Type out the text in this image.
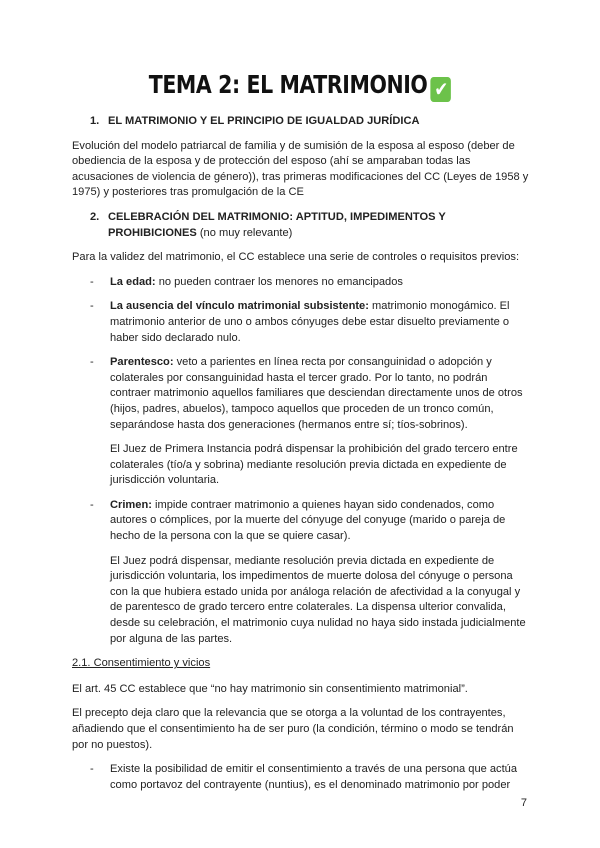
TEMA 2: EL MATRIMONIO ✔
1. EL MATRIMONIO Y EL PRINCIPIO DE IGUALDAD JURÍDICA

Evolución del modelo patriarcal de familia y de sumisión de la esposa al esposo (deber de obediencia de la esposa y de protección del esposo (ahí se amparaban todas las acusaciones de violencia de género)), tras primeras modificaciones del CC (Leyes de 1958 y 1975) y posteriores tras promulgación de la CE

2. CELEBRACIÓN DEL MATRIMONIO: APTITUD, IMPEDIMENTOS Y PROHIBICIONES (no muy relevante)

Para la validez del matrimonio, el CC establece una serie de controles o requisitos previos:

-	La edad: no pueden contraer los menores no emancipados
-	La ausencia del vínculo matrimonial subsistente: matrimonio monogámico. El matrimonio anterior de uno o ambos cónyuges debe estar disuelto previamente o haber sido declarado nulo.
-	Parentesco: veto a parientes en línea recta por consanguinidad o adopción y colaterales por consanguinidad hasta el tercer grado. Por lo tanto, no podrán contraer matrimonio aquellos familiares que desciendan directamente unos de otros (hijos, padres, abuelos), tampoco aquellos que proceden de un tronco común, separándose hasta dos generaciones (hermanos entre sí; tíos-sobrinos).

El Juez de Primera Instancia podrá dispensar la prohibición del grado tercero entre colaterales (tío/a y sobrina) mediante resolución previa dictada en expediente de jurisdicción voluntaria.

-	Crimen: impide contraer matrimonio a quienes hayan sido condenados, como autores o cómplices, por la muerte del cónyuge del conyuge (marido o pareja de hecho de la persona con la que se quiere casar).

El Juez podrá dispensar, mediante resolución previa dictada en expediente de jurisdicción voluntaria, los impedimentos de muerte dolosa del cónyuge o persona con la que hubiera estado unida por análoga relación de afectividad a la conyugal y de parentesco de grado tercero entre colaterales. La dispensa ulterior convalida, desde su celebración, el matrimonio cuya nulidad no haya sido instada judicialmente por alguna de las partes.

2.1. Consentimiento y vicios

El art. 45 CC establece que “no hay matrimonio sin consentimiento matrimonial”.

El precepto deja claro que la relevancia que se otorga a la voluntad de los contrayentes, añadiendo que el consentimiento ha de ser puro (la condición, término o modo se tendrán por no puestos).

-	Existe la posibilidad de emitir el consentimiento a través de una persona que actúa como portavoz del contrayente (nuntius), es el denominado matrimonio por poder
7
